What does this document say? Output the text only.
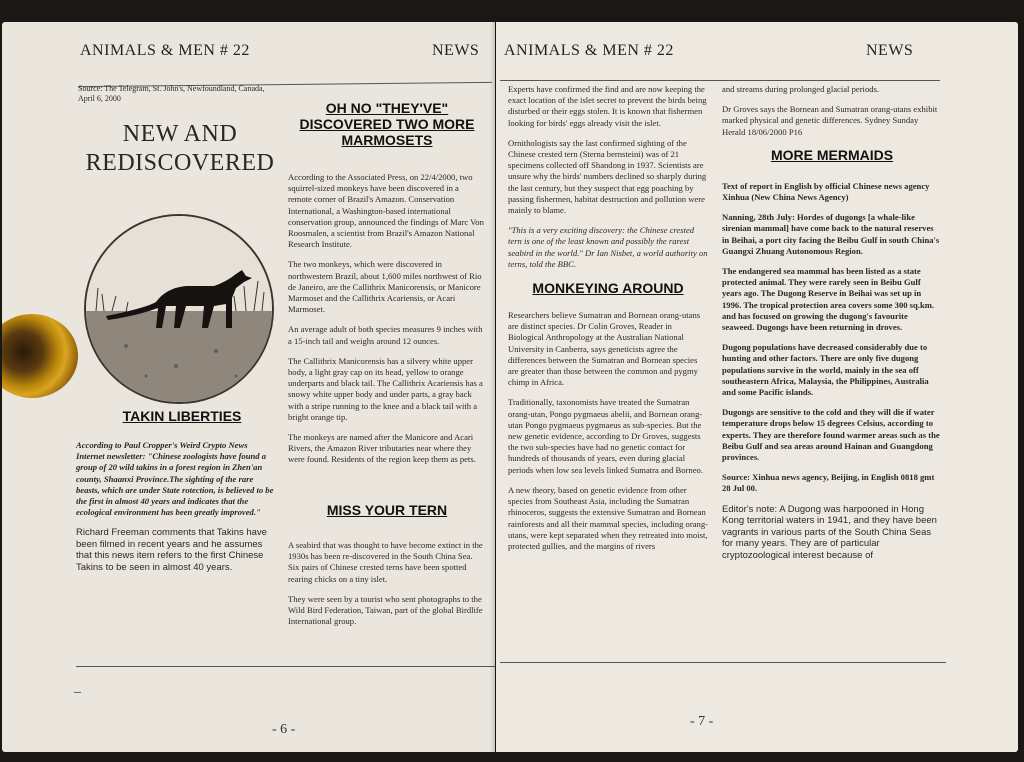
ANIMALS & MEN # 22	NEWS
Source: The Telegram, St. John's, Newfoundland, Canada, April 6, 2000
NEW AND REDISCOVERED
TAKIN LIBERTIES

According to Paul Cropper's Weird Crypto News Internet newsletter: "Chinese zoologists have found a group of 20 wild takins in a forest region in Zhen'an county, Shaanxi Province.The sighting of the rare beasts, which are under State rotection, is believed to be the first in almost 40 years and indicates that the ecological environment has been greatly improved."

Richard Freeman comments that Takins have been filmed in recent years and he assumes that this news item refers to the first Chinese Takins to be seen in almost 40 years.

OH NO "THEY'VE" DISCOVERED TWO MORE MARMOSETS

According to the Associated Press, on 22/4/2000, two squirrel-sized monkeys have been discovered in a remote corner of Brazil's Amazon. Conservation International, a Washington-based international conservation group, announced the findings of Marc Von Roosmalen, a scientist from Brazil's Amazon National Research Institute.

The two monkeys, which were discovered in northwestern Brazil, about 1,600 miles northwest of Rio de Janeiro, are the Callithrix Manicorensis, or Manicore Marmoset and the Callithrix Acariensis, or Acari Marmoset.

An average adult of both species measures 9 inches with a 15-inch tail and weighs around 12 ounces.

The Callithrix Manicorensis has a silvery white upper body, a light gray cap on its head, yellow to orange underparts and black tail. The Callithrix Acariensis has a snowy white upper body and under parts, a gray back with a stripe running to the knee and a black tail with a bright orange tip.

The monkeys are named after the Manicore and Acari Rivers, the Amazon River tributaries near where they were found. Residents of the region keep them as pets.

MISS YOUR TERN

A seabird that was thought to have become extinct in the 1930s has been re-discovered in the South China Sea. Six pairs of Chinese crested terns have been spotted rearing chicks on a tiny islet.

They were seen by a tourist who sent photographs to the Wild Bird Federation, Taiwan, part of the global Birdlife International group.

_
- 6 -
ANIMALS & MEN # 22	NEWS

Experts have confirmed the find and are now keeping the exact location of the islet secret to prevent the birds being disturbed or their eggs stolen. It is known that fishermen looking for birds' eggs already visit the islet.

Ornithologists say the last confirmed sighting of the Chinese crested tern (Sterna bernsteini) was of 21 specimens collected off Shandong in 1937. Scientists are unsure why the birds' numbers declined so sharply during the last century, but they suspect that egg poaching by passing fishermen, habitat destruction and pollution were mainly to blame.

"This is a very exciting discovery: the Chinese crested tern is one of the least known and possibly the rarest seabird in the world." Dr Ian Nisbet, a world authority on terns, told the BBC.

MONKEYING AROUND

Researchers believe Sumatran and Bornean orang-utans are distinct species. Dr Colin Groves, Reader in Biological Anthropology at the Australian National University in Canberra, says geneticists agree the differences between the Sumatran and Bornean species are greater than those between the common and pygmy chimp in Africa.

Traditionally, taxonomists have treated the Sumatran orang-utan, Pongo pygmaeus abelii, and Bornean orang-utan Pongo pygmaeus pygmaeus as sub-species. But the new genetic evidence, according to Dr Groves, suggests the two sub-species have had no genetic contact for hundreds of thousands of years, even during glacial periods when low sea levels linked Sumatra and Borneo.

A new theory, based on genetic evidence from other species from Southeast Asia, including the Sumatran rhinoceros, suggests the extensive Sumatran and Bornean rainforests and all their mammal species, including orang-utans, were kept separated when they retreated into moist, protected gullies, and the margins of rivers

and streams during prolonged glacial periods.

Dr Groves says the Bornean and Sumatran orang-utans exhibit marked physical and genetic differences. Sydney Sunday Herald 18/06/2000 P16

MORE MERMAIDS

Text of report in English by official Chinese news agency Xinhua (New China News Agency)

Nanning, 28th July: Hordes of dugongs [a whale-like sirenian mammal] have come back to the natural reserves in Beihai, a port city facing the Beibu Gulf in south China's Guangxi Zhuang Autonomous Region.

The endangered sea mammal has been listed as a state protected animal. They were rarely seen in Beibu Gulf years ago. The Dugong Reserve in Beihai was set up in 1996. The tropical protection area covers some 300 sq.km. and has focused on growing the dugong's favourite seaweed. Dugongs have been returning in droves.

Dugong populations have decreased considerably due to hunting and other factors. There are only five dugong populations survive in the world, mainly in the sea off southeastern Africa, Malaysia, the Philippines, Australia and some Pacific islands.

Dugongs are sensitive to the cold and they will die if water temperature drops below 15 degrees Celsius, according to experts. They are therefore found warmer areas such as the Beibu Gulf and sea areas around Hainan and Guangdong provinces.

Source: Xinhua news agency, Beijing, in English 0818 gmt 28 Jul 00.

Editor's note: A Dugong was harpooned in Hong Kong territorial waters in 1941, and they have been vagrants in various parts of the South China Seas for many years. They are of particular cryptozoological interest because of

- 7 -
